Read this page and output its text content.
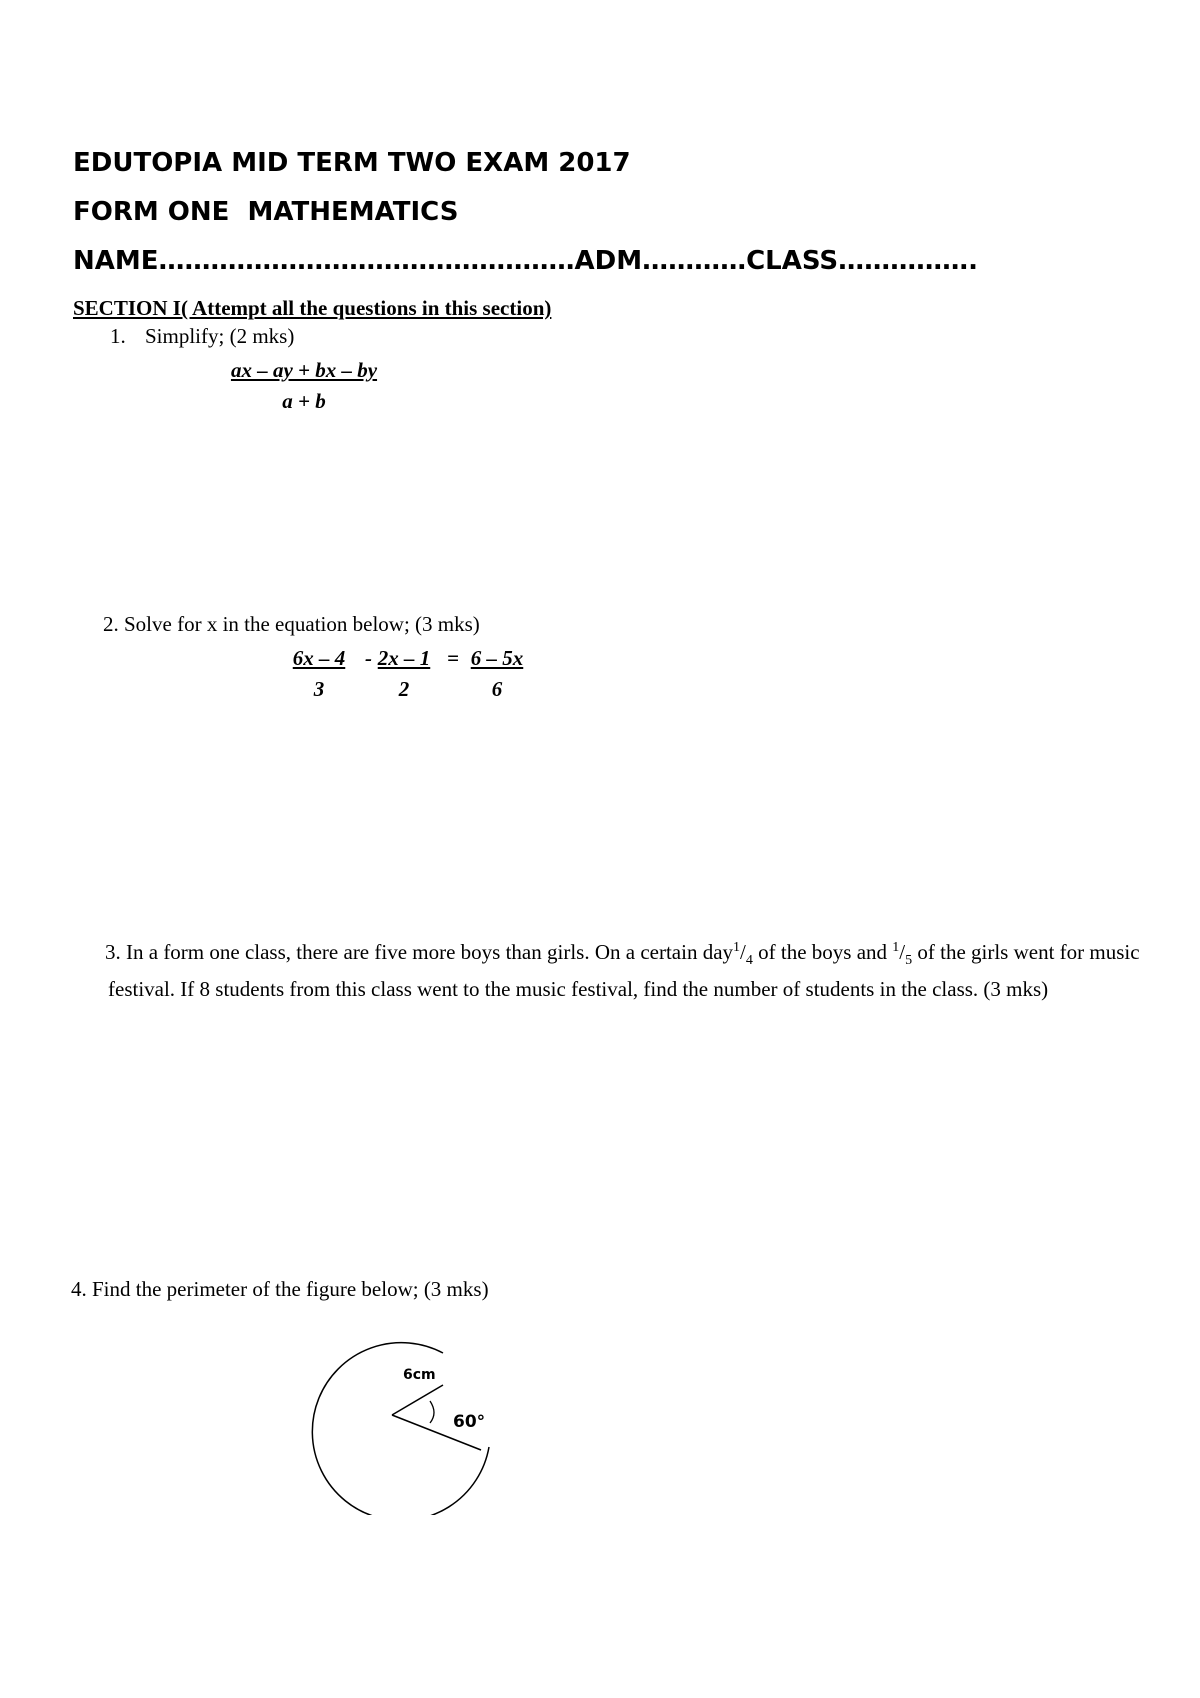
EDUTOPIA MID TERM TWO EXAM 2017
FORM ONE  MATHEMATICS
NAME…………………………………………ADM…………CLASS…………….
SECTION I( Attempt all the questions in this section)
1. Simplify; (2 mks)
$\frac{ax - ay + bx - by}{a + b}$
2. Solve for x in the equation below; (3 mks)
$\frac{6x - 4}{3} - \frac{2x - 1}{2} = \frac{6 - 5x}{6}$
3. In a form one class, there are five more boys than girls. On a certain $day^1/_4$ of the boys and $^1/_5$ of the girls went for music festival. If 8 students from this class went to the music festival, find the number of students in the class. (3 mks)
4. Find the perimeter of the figure below; (3 mks)
6cm
60°
